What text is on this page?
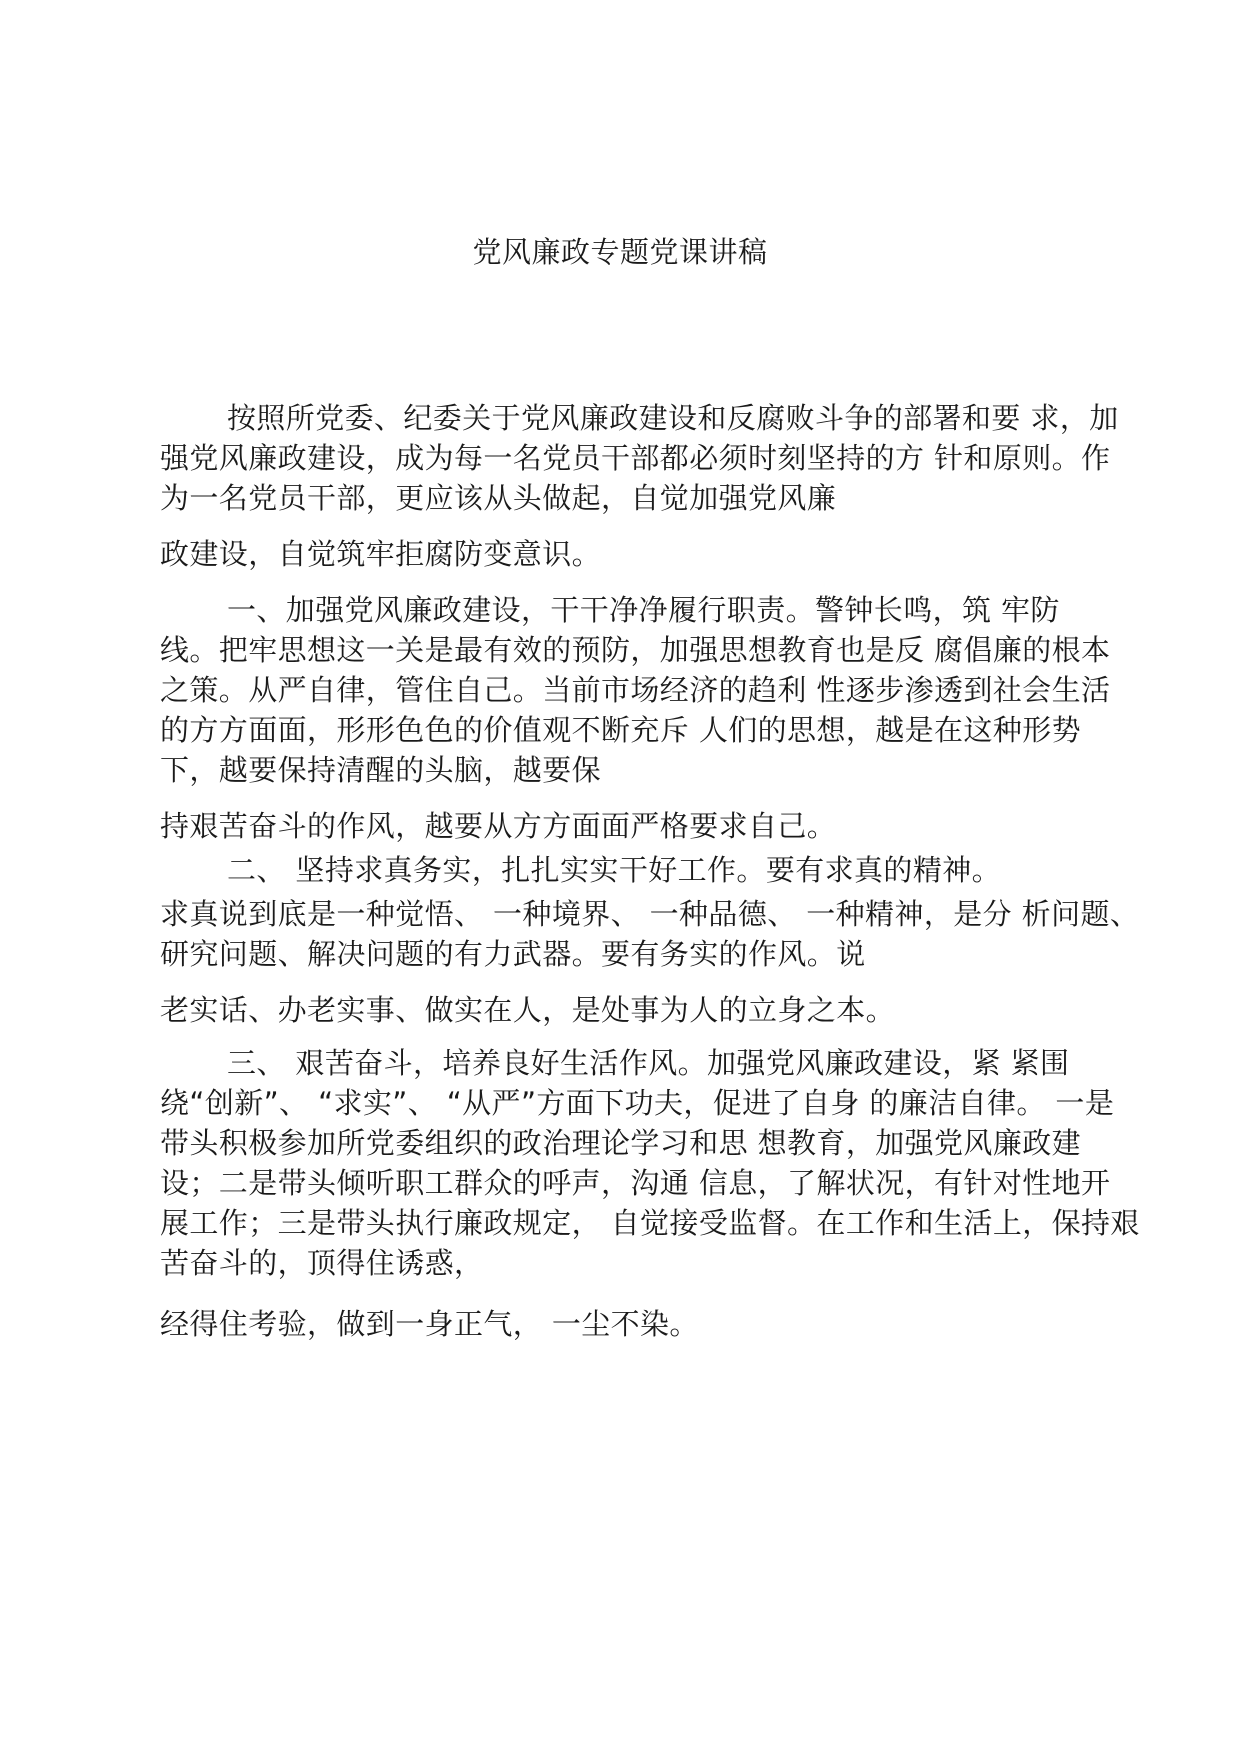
党风廉政专题党课讲稿
按照所党委、纪委关于党风廉政建设和反腐败斗争的部署和要 求，加
强党风廉政建设，成为每一名党员干部都必须时刻坚持的方 针和原则。作
为一名党员干部，更应该从头做起，自觉加强党风廉
政建设，自觉筑牢拒腐防变意识。
一、加强党风廉政建设，干干净净履行职责。警钟长鸣，筑 牢防
线。把牢思想这一关是最有效的预防，加强思想教育也是反 腐倡廉的根本
之策。从严自律，管住自己。当前市场经济的趋利 性逐步渗透到社会生活
的方方面面，形形色色的价值观不断充斥 人们的思想，越是在这种形势
下，越要保持清醒的头脑，越要保
持艰苦奋斗的作风，越要从方方面面严格要求自己。
二、 坚持求真务实，扎扎实实干好工作。要有求真的精神。
求真说到底是一种觉悟、 一种境界、 一种品德、 一种精神，是分 析问题、
研究问题、解决问题的有力武器。要有务实的作风。说
老实话、办老实事、做实在人，是处事为人的立身之本。
三、 艰苦奋斗，培养良好生活作风。加强党风廉政建设，紧 紧围
绕“创新”、 “求实”、 “从严”方面下功夫，促进了自身 的廉洁自律。 一是
带头积极参加所党委组织的政治理论学习和思 想教育，加强党风廉政建
设；二是带头倾听职工群众的呼声，沟通 信息，了解状况，有针对性地开
展工作；三是带头执行廉政规定， 自觉接受监督。在工作和生活上，保持艰
苦奋斗的，顶得住诱惑，
经得住考验，做到一身正气， 一尘不染。
